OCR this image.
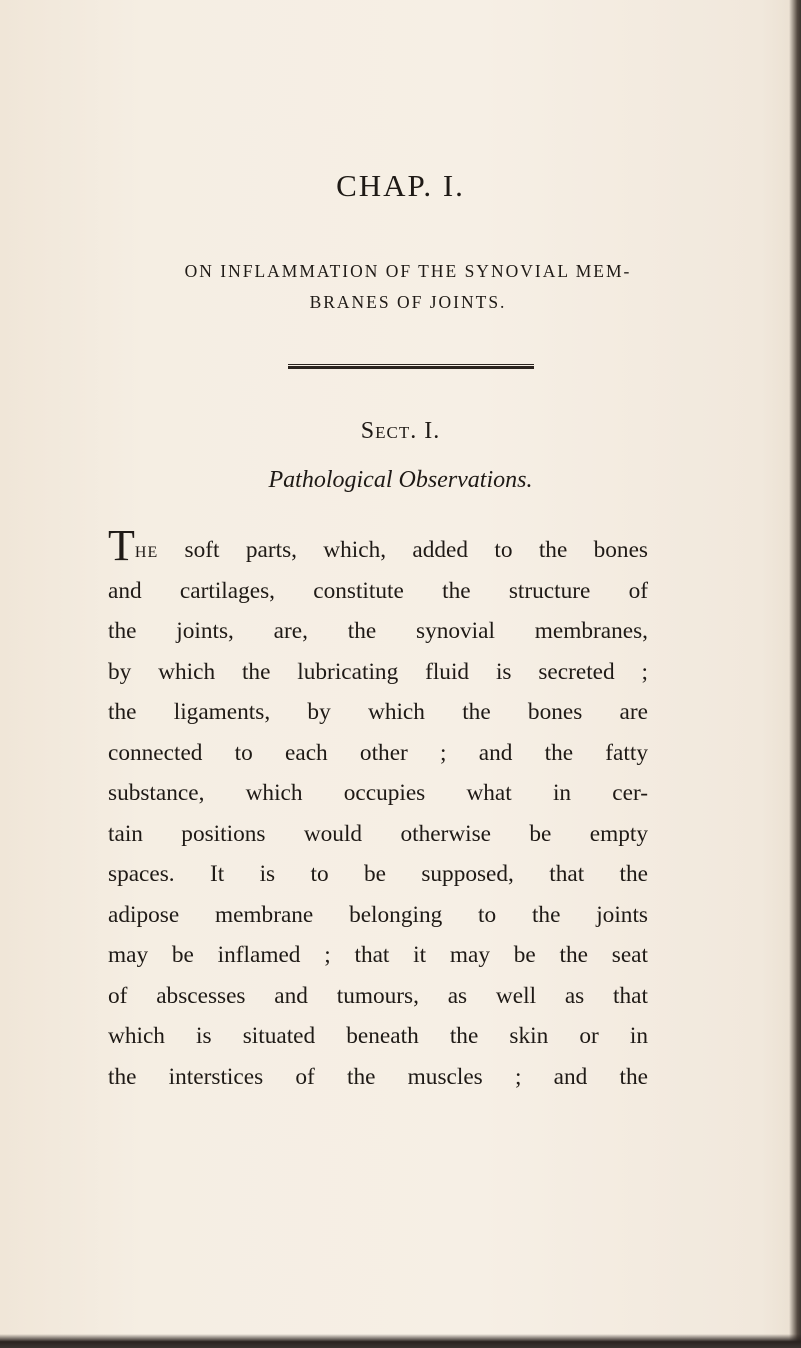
CHAP. I.
ON INFLAMMATION OF THE SYNOVIAL MEM-
BRANES OF JOINTS.
Sect. I.
Pathological Observations.
The soft parts, which, added to the bones
and cartilages, constitute the structure of
the joints, are, the synovial membranes,
by which the lubricating fluid is secreted ;
the ligaments, by which the bones are
connected to each other ; and the fatty
substance, which occupies what in cer-
tain positions would otherwise be empty
spaces. It is to be supposed, that the
adipose membrane belonging to the joints
may be inflamed ; that it may be the seat
of abscesses and tumours, as well as that
which is situated beneath the skin or in
the interstices of the muscles ; and the
